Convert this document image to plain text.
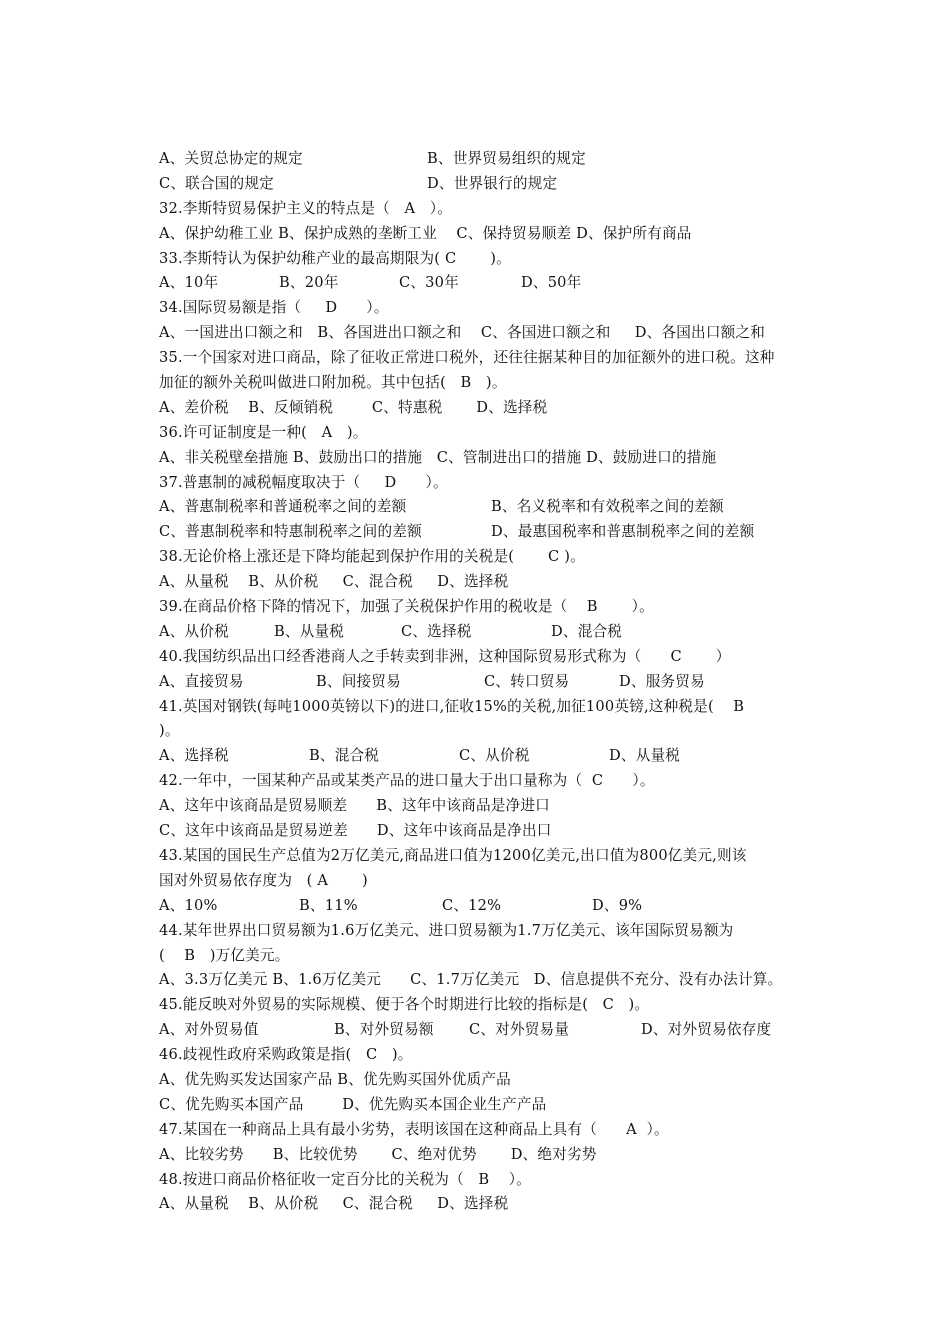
A、关贸总协定的规定	B、世界贸易组织的规定
C、联合国的规定	D、世界银行的规定
32.李斯特贸易保护主义的特点是（   A   ）。
A、保护幼稚工业 B、保护成熟的垄断工业    C、保持贸易顺差 D、保护所有商品
33.李斯特认为保护幼稚产业的最高期限为( C       )。
A、10年	B、20年	C、30年	D、50年
34.国际贸易额是指（     D      ）。
A、一国进出口额之和   B、各国进出口额之和    C、各国进口额之和     D、各国出口额之和
35.一个国家对进口商品，除了征收正常进口税外，还往往据某种目的加征额外的进口税。这种
加征的额外关税叫做进口附加税。其中包括(   B   )。
A、差价税    B、反倾销税        C、特惠税       D、选择税
36.许可证制度是一种(   A   )。
A、非关税壁垒措施 B、鼓励出口的措施   C、管制进出口的措施 D、鼓励进口的措施
37.普惠制的减税幅度取决于（     D      ）。
A、普惠制税率和普通税率之间的差额	B、名义税率和有效税率之间的差额
C、普惠制税率和特惠制税率之间的差额	D、最惠国税率和普惠制税率之间的差额
38.无论价格上涨还是下降均能起到保护作用的关税是(       C )。
A、从量税    B、从价税     C、混合税     D、选择税
39.在商品价格下降的情况下，加强了关税保护作用的税收是（    B       ）。
A、从价税	B、从量税	C、选择税	D、混合税
40.我国纺织品出口经香港商人之手转卖到非洲，这种国际贸易形式称为（      C       ）
A、直接贸易	B、间接贸易	C、转口贸易	D、服务贸易
41.英国对钢铁(每吨1000英镑以下)的进口,征收15%的关税,加征100英镑,这种税是(    B
)。
A、选择税	B、混合税	C、从价税	D、从量税
42.一年中，一国某种产品或某类产品的进口量大于出口量称为（  C      ）。
A、这年中该商品是贸易顺差      B、这年中该商品是净进口
C、这年中该商品是贸易逆差      D、这年中该商品是净出口
43.某国的国民生产总值为2万亿美元,商品进口值为1200亿美元,出口值为800亿美元,则该
国对外贸易依存度为   ( A       )
A、10%	B、11%	C、12%	D、9%
44.某年世界出口贸易额为1.6万亿美元、进口贸易额为1.7万亿美元、该年国际贸易额为
(    B   )万亿美元。
A、3.3万亿美元 B、1.6万亿美元      C、1.7万亿美元   D、信息提供不充分、没有办法计算。
45.能反映对外贸易的实际规模、便于各个时期进行比较的指标是(   C   )。
A、对外贸易值	B、对外贸易额 C、对外贸易量	D、对外贸易依存度
46.歧视性政府采购政策是指(   C   )。
A、优先购买发达国家产品 B、优先购买国外优质产品
C、优先购买本国产品        D、优先购买本国企业生产产品
47.某国在一种商品上具有最小劣势，表明该国在这种商品上具有（      A  ）。
A、比较劣势      B、比较优势       C、绝对优势       D、绝对劣势
48.按进口商品价格征收一定百分比的关税为（   B    ）。
A、从量税    B、从价税     C、混合税     D、选择税
